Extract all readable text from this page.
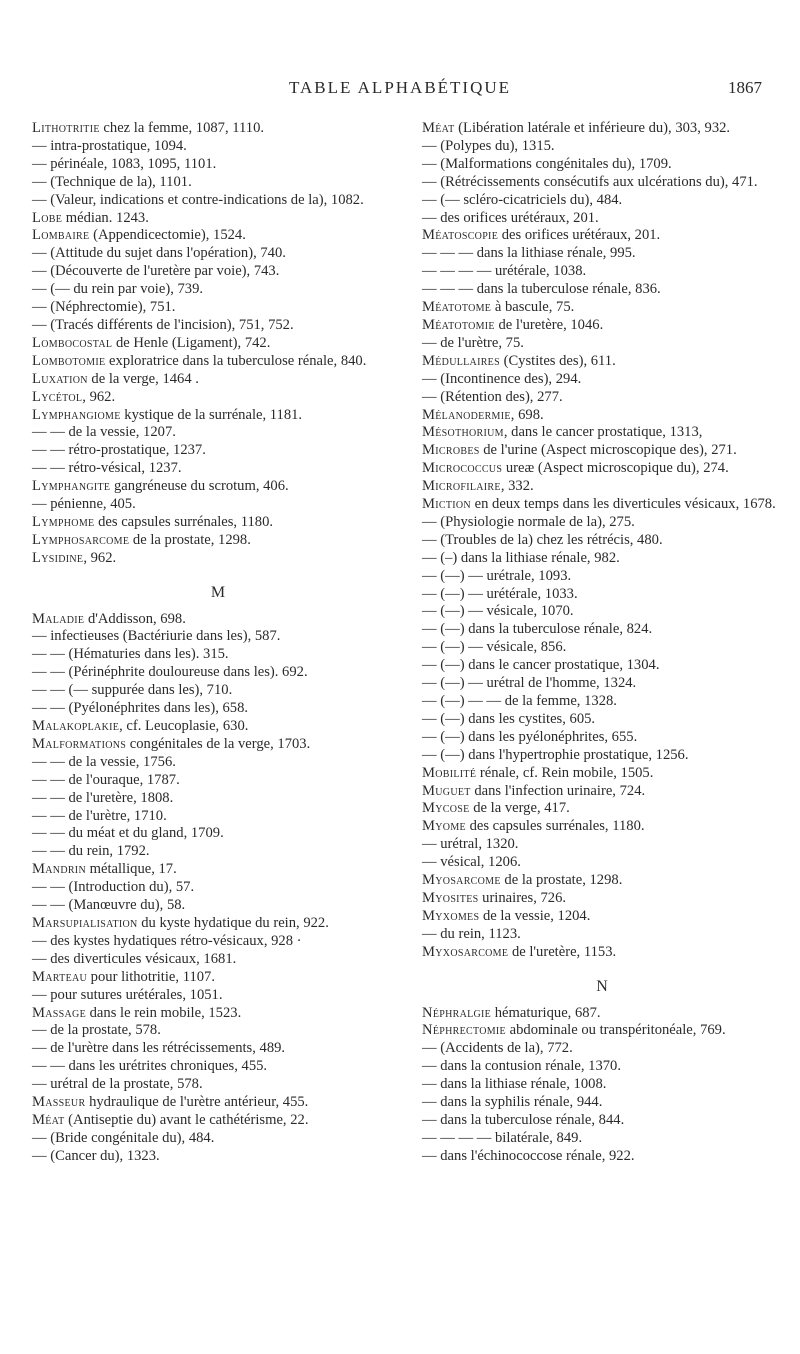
TABLE ALPHABÉTIQUE	1867

Lithotritie chez la femme, 1087, 1110.

— intra-prostatique, 1094.

— périnéale, 1083, 1095, 1101.

— (Technique de la), 1101.

— (Valeur, indications et contre-indications de la), 1082.

Lobe médian. 1243.

Lombaire (Appendicectomie), 1524.

— (Attitude du sujet dans l'opération), 740.

— (Découverte de l'uretère par voie), 743.

— (— du rein par voie), 739.

— (Néphrectomie), 751.

— (Tracés différents de l'incision), 751, 752.

Lombocostal de Henle (Ligament), 742.

Lombotomie exploratrice dans la tuberculose rénale, 840.

Luxation de la verge, 1464 .

Lycétol, 962.

Lymphangiome kystique de la surrénale, 1181.

— — de la vessie, 1207.

— — rétro-prostatique, 1237.

— — rétro-vésical, 1237.

Lymphangite gangréneuse du scrotum, 406.

— pénienne, 405.

Lymphome des capsules surrénales, 1180.

Lymphosarcome de la prostate, 1298.

Lysidine, 962.

M

Maladie d'Addisson, 698.

— infectieuses (Bactériurie dans les), 587.

— — (Hématuries dans les). 315.

— — (Périnéphrite douloureuse dans les). 692.

— — (— suppurée dans les), 710.

— — (Pyélonéphrites dans les), 658.

Malakoplakie, cf. Leucoplasie, 630.

Malformations congénitales de la verge, 1703.

— — de la vessie, 1756.

— — de l'ouraque, 1787.

— — de l'uretère, 1808.

— — de l'urètre, 1710.

— — du méat et du gland, 1709.

— — du rein, 1792.

Mandrin métallique, 17.

— — (Introduction du), 57.

— — (Manœuvre du), 58.

Marsupialisation du kyste hydatique du rein, 922.

— des kystes hydatiques rétro-vésicaux, 928 ·

— des diverticules vésicaux, 1681.

Marteau pour lithotritie, 1107.

— pour sutures urétérales, 1051.

Massage dans le rein mobile, 1523.

— de la prostate, 578.

— de l'urètre dans les rétrécissements, 489.

— — dans les urétrites chroniques, 455.

— urétral de la prostate, 578.

Masseur hydraulique de l'urètre antérieur, 455.

Méat (Antiseptie du) avant le cathétérisme, 22.

— (Bride congénitale du), 484.

— (Cancer du), 1323.

Méat (Libération latérale et inférieure du), 303, 932.

— (Polypes du), 1315.

— (Malformations congénitales du), 1709.

— (Rétrécissements consécutifs aux ulcérations du), 471.

— (— scléro-cicatriciels du), 484.

— des orifices urétéraux, 201.

Méatoscopie des orifices urétéraux, 201.

— — — dans la lithiase rénale, 995.

— — — — urétérale, 1038.

— — — dans la tuberculose rénale, 836.

Méatotome à bascule, 75.

Méatotomie de l'uretère, 1046.

— de l'urètre, 75.

Médullaires (Cystites des), 611.

— (Incontinence des), 294.

— (Rétention des), 277.

Mélanodermie, 698.

Mésothorium, dans le cancer prostatique, 1313,

Microbes de l'urine (Aspect microscopique des), 271.

Micrococcus ureæ (Aspect microscopique du), 274.

Microfilaire, 332.

Miction en deux temps dans les diverticules vésicaux, 1678.

— (Physiologie normale de la), 275.

— (Troubles de la) chez les rétrécis, 480.

— (–) dans la lithiase rénale, 982.

— (—) — urétrale, 1093.

— (—) — urétérale, 1033.

— (—) — vésicale, 1070.

— (—) dans la tuberculose rénale, 824.

— (—) — vésicale, 856.

— (—) dans le cancer prostatique, 1304.

— (—) — urétral de l'homme, 1324.

— (—) — — de la femme, 1328.

— (—) dans les cystites, 605.

— (—) dans les pyélonéphrites, 655.

— (—) dans l'hypertrophie prostatique, 1256.

Mobilité rénale, cf. Rein mobile, 1505.

Muguet dans l'infection urinaire, 724.

Mycose de la verge, 417.

Myome des capsules surrénales, 1180.

— urétral, 1320.

— vésical, 1206.

Myosarcome de la prostate, 1298.

Myosites urinaires, 726.

Myxomes de la vessie, 1204.

— du rein, 1123.

Myxosarcome de l'uretère, 1153.

N

Néphralgie hématurique, 687.

Néphrectomie abdominale ou transpéritonéale, 769.

— (Accidents de la), 772.

— dans la contusion rénale, 1370.

— dans la lithiase rénale, 1008.

— dans la syphilis rénale, 944.

— dans la tuberculose rénale, 844.

— — — — bilatérale, 849.

— dans l'échinococcose rénale, 922.
